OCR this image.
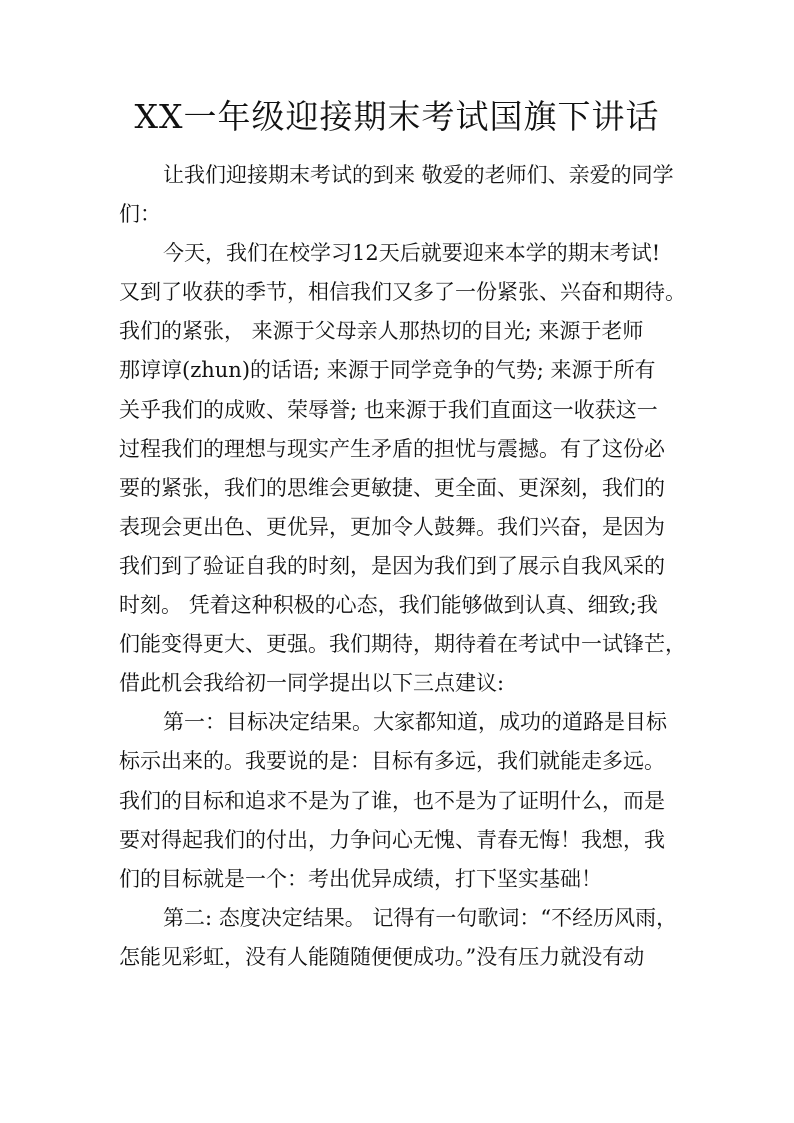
XX一年级迎接期末考试国旗下讲话
让我们迎接期末考试的到来 敬爱的老师们、亲爱的同学
们：
今天，我们在校学习12天后就要迎来本学的期末考试!
又到了收获的季节，相信我们又多了一份紧张、兴奋和期待。
我们的紧张， 来源于父母亲人那热切的目光; 来源于老师
那谆谆(zhun)的话语; 来源于同学竞争的气势; 来源于所有
关乎我们的成败、荣辱誉; 也来源于我们直面这一收获这一
过程我们的理想与现实产生矛盾的担忧与震撼。有了这份必
要的紧张，我们的思维会更敏捷、更全面、更深刻，我们的
表现会更出色、更优异，更加令人鼓舞。我们兴奋，是因为
我们到了验证自我的时刻，是因为我们到了展示自我风采的
时刻。 凭着这种积极的心态，我们能够做到认真、细致;我
们能变得更大、更强。我们期待，期待着在考试中一试锋芒，
借此机会我给初一同学提出以下三点建议:
第一：目标决定结果。大家都知道，成功的道路是目标
标示出来的。我要说的是：目标有多远，我们就能走多远。
我们的目标和追求不是为了谁，也不是为了证明什么，而是
要对得起我们的付出，力争问心无愧、青春无悔！我想，我
们的目标就是一个：考出优异成绩，打下坚实基础！
第二: 态度决定结果。 记得有一句歌词：“不经历风雨，
怎能见彩虹，没有人能随随便便成功。”没有压力就没有动
